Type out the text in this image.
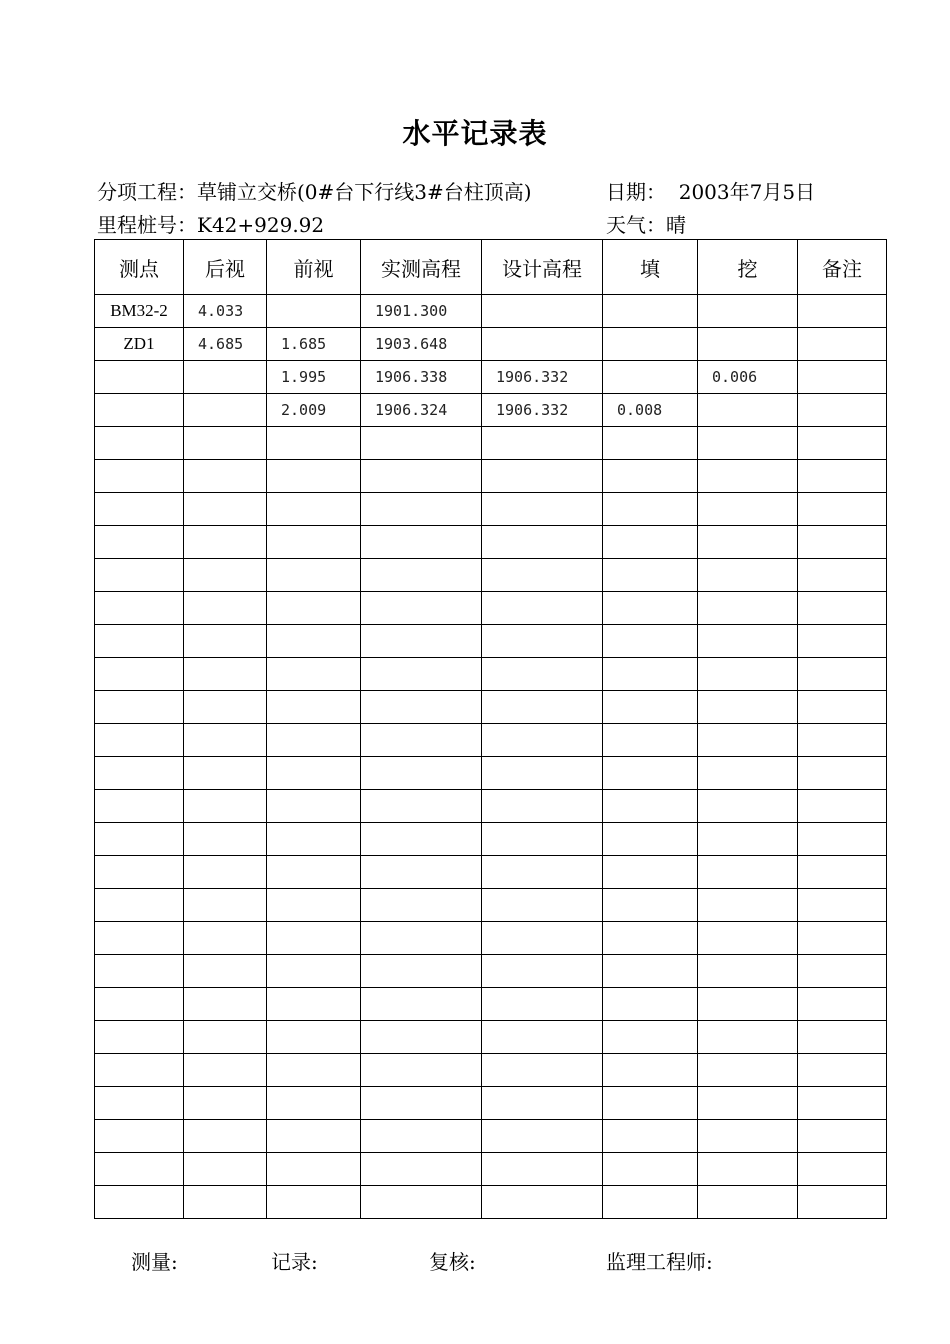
水平记录表
分项工程：草铺立交桥(0#台下行线3#台柱顶高)	日期： 2003年7月5日
里程桩号：K42+929.92	天气：晴
测点	后视	前视	实测高程	设计高程	填	挖	备注
BM32-2	4.033		1901.300				
ZD1	4.685	1.685	1903.648				
		1.995	1906.338	1906.332		0.006	
		2.009	1906.324	1906.332	0.008		

测量:	记录:	复核:	监理工程师:
